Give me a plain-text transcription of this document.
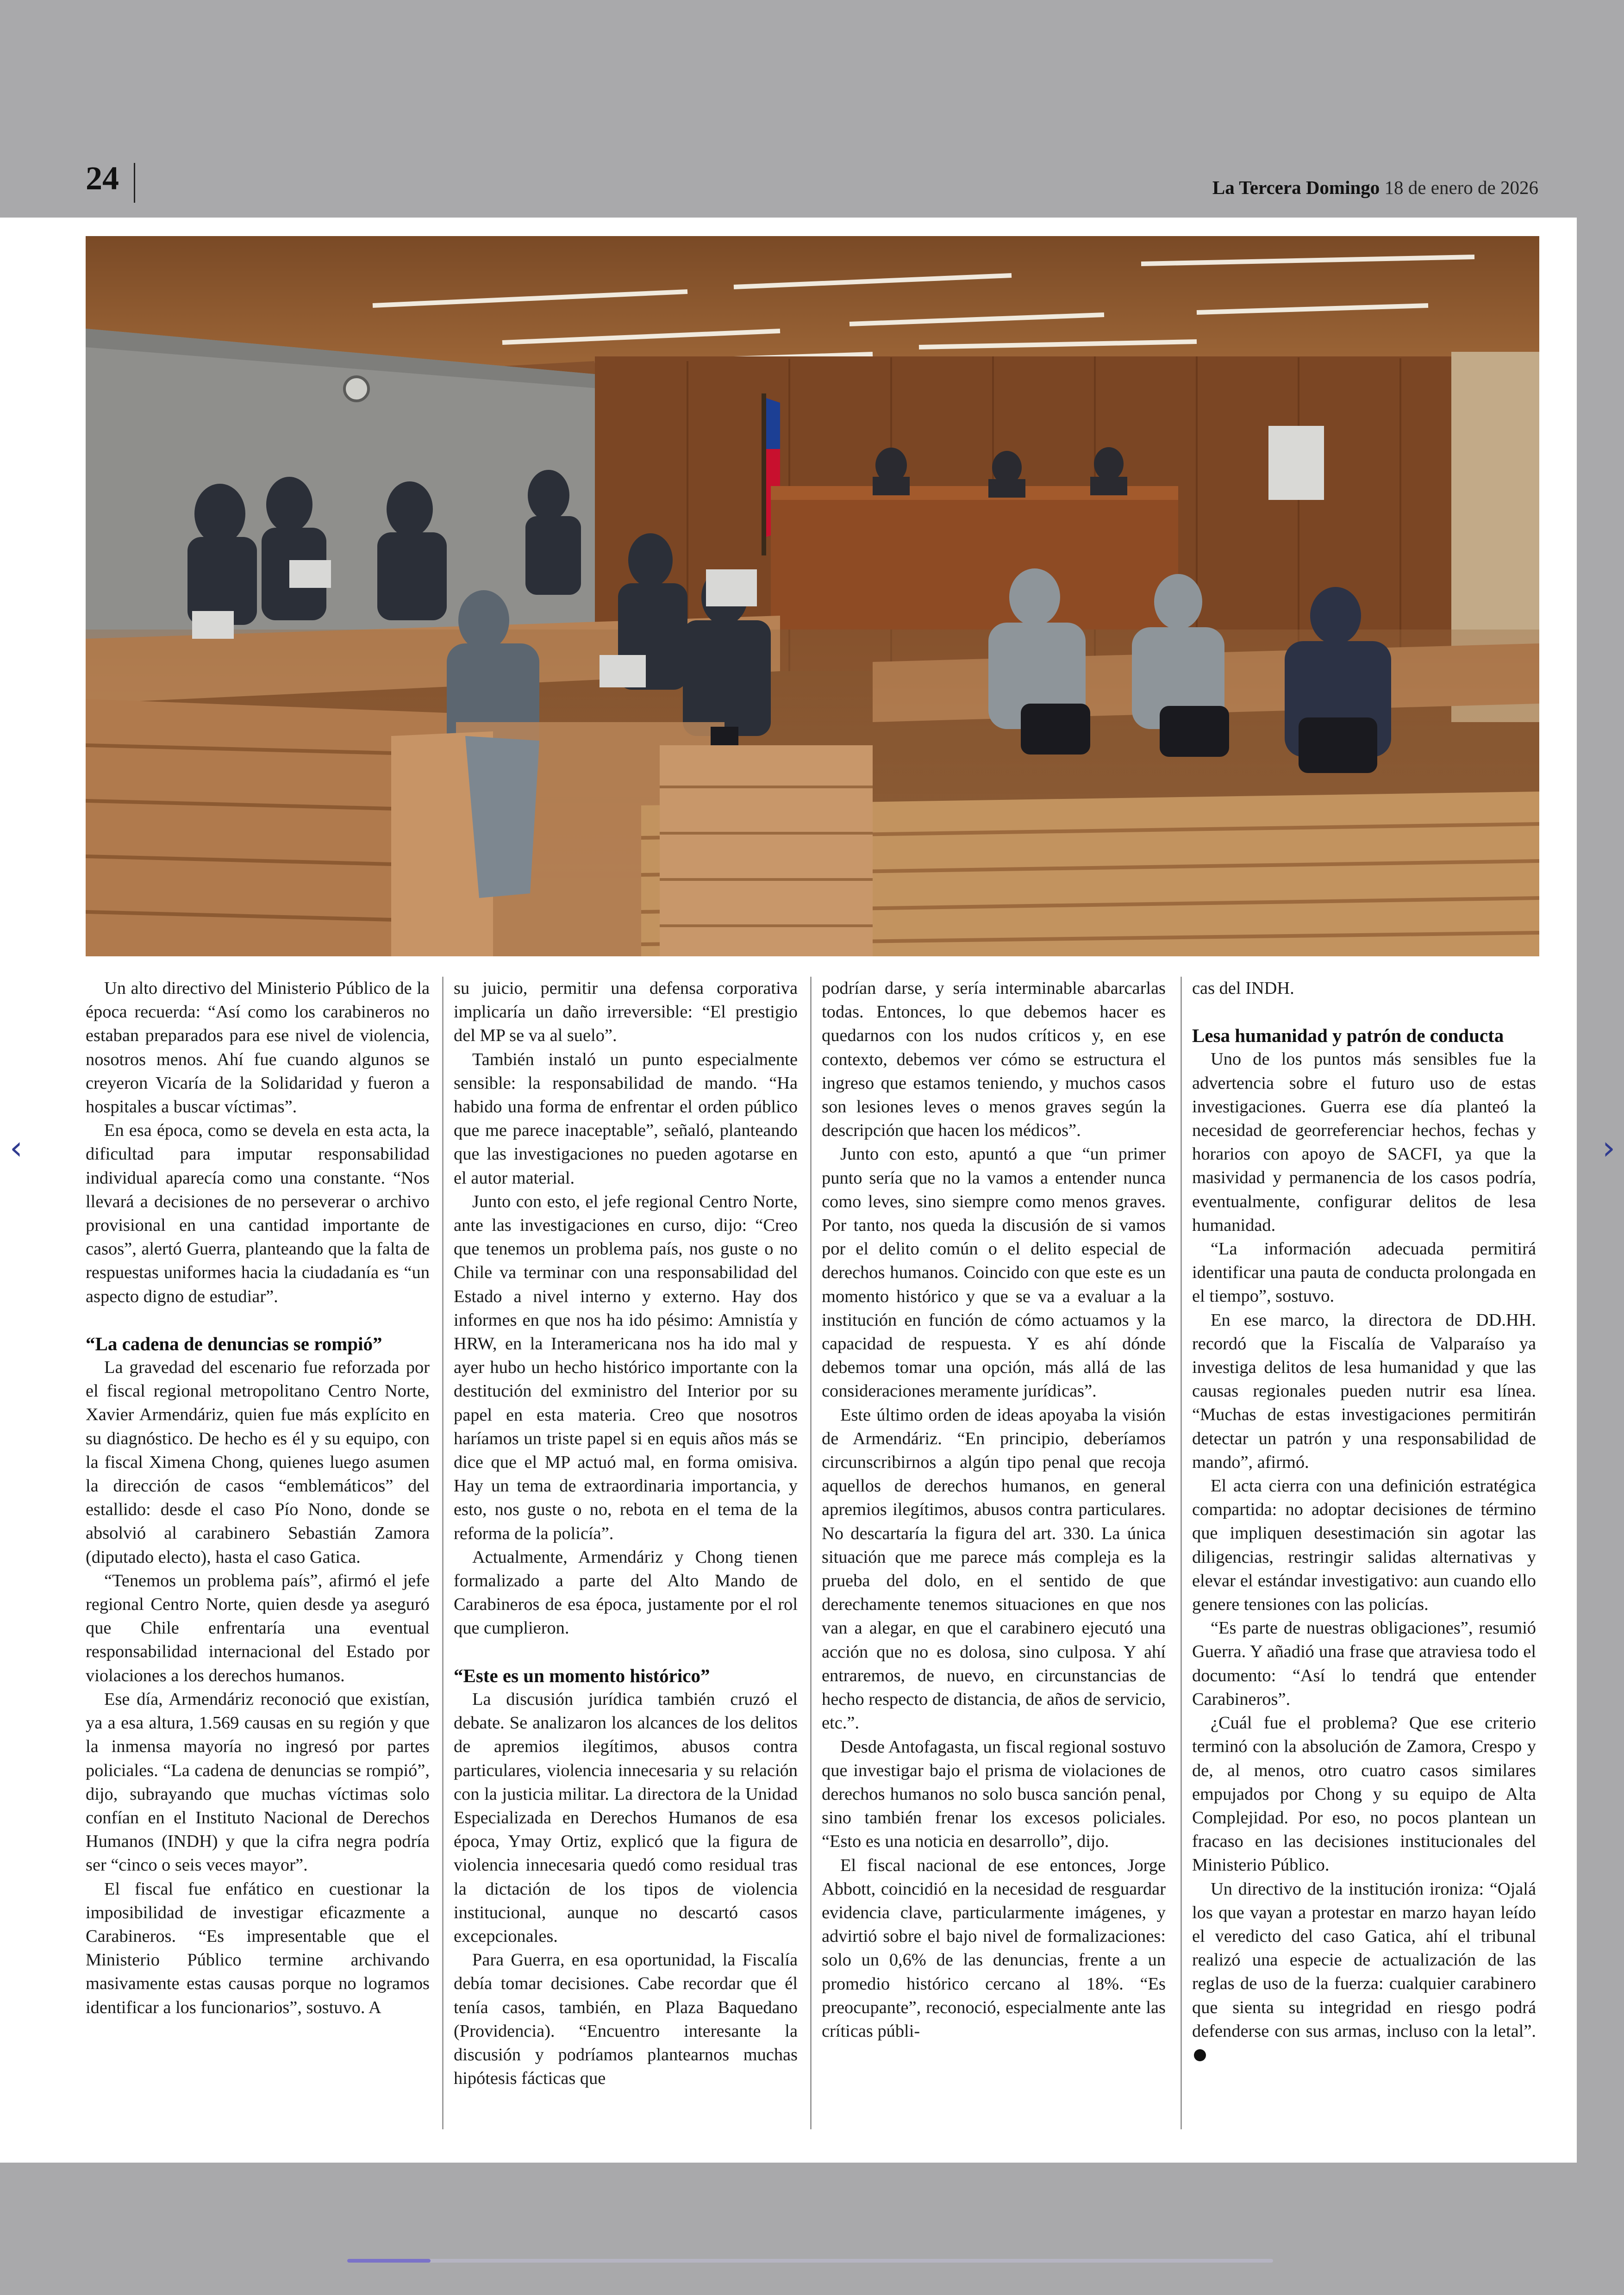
24	La Tercera Domingo 18 de enero de 2026

Un alto directivo del Ministerio Público de la época recuerda: “Así como los carabineros no estaban preparados para ese nivel de violencia, nosotros menos. Ahí fue cuando algunos se creyeron Vicaría de la Solidaridad y fueron a hospitales a buscar víctimas”.

En esa época, como se devela en esta acta, la dificultad para imputar responsabilidad individual aparecía como una constante. “Nos llevará a decisiones de no perseverar o archivo provisional en una cantidad importante de casos”, alertó Guerra, planteando que la falta de respuestas uniformes hacia la ciudadanía es “un aspecto digno de estudiar”.

“La cadena de denuncias se rompió”

La gravedad del escenario fue reforzada por el fiscal regional metropolitano Centro Norte, Xavier Armendáriz, quien fue más explícito en su diagnóstico. De hecho es él y su equipo, con la fiscal Ximena Chong, quienes luego asumen la dirección de casos “emblemáticos” del estallido: desde el caso Pío Nono, donde se absolvió al carabinero Sebastián Zamora (diputado electo), hasta el caso Gatica.

“Tenemos un problema país”, afirmó el jefe regional Centro Norte, quien desde ya aseguró que Chile enfrentaría una eventual responsabilidad internacional del Estado por violaciones a los derechos humanos.

Ese día, Armendáriz reconoció que existían, ya a esa altura, 1.569 causas en su región y que la inmensa mayoría no ingresó por partes policiales. “La cadena de denuncias se rompió”, dijo, subrayando que muchas víctimas solo confían en el Instituto Nacional de Derechos Humanos (INDH) y que la cifra negra podría ser “cinco o seis veces mayor”.

El fiscal fue enfático en cuestionar la imposibilidad de investigar eficazmente a Carabineros. “Es impresentable que el Ministerio Público termine archivando masivamente estas causas porque no logramos identificar a los funcionarios”, sostuvo. A

su juicio, permitir una defensa corporativa implicaría un daño irreversible: “El prestigio del MP se va al suelo”.

También instaló un punto especialmente sensible: la responsabilidad de mando. “Ha habido una forma de enfrentar el orden público que me parece inaceptable”, señaló, planteando que las investigaciones no pueden agotarse en el autor material.

Junto con esto, el jefe regional Centro Norte, ante las investigaciones en curso, dijo: “Creo que tenemos un problema país, nos guste o no Chile va terminar con una responsabilidad del Estado a nivel interno y externo. Hay dos informes en que nos ha ido pésimo: Amnistía y HRW, en la Interamericana nos ha ido mal y ayer hubo un hecho histórico importante con la destitución del exministro del Interior por su papel en esta materia. Creo que nosotros haríamos un triste papel si en equis años más se dice que el MP actuó mal, en forma omisiva. Hay un tema de extraordinaria importancia, y esto, nos guste o no, rebota en el tema de la reforma de la policía”.

Actualmente, Armendáriz y Chong tienen formalizado a parte del Alto Mando de Carabineros de esa época, justamente por el rol que cumplieron.

“Este es un momento histórico”

La discusión jurídica también cruzó el debate. Se analizaron los alcances de los delitos de apremios ilegítimos, abusos contra particulares, violencia innecesaria y su relación con la justicia militar. La directora de la Unidad Especializada en Derechos Humanos de esa época, Ymay Ortiz, explicó que la figura de violencia innecesaria quedó como residual tras la dictación de los tipos de violencia institucional, aunque no descartó casos excepcionales.

Para Guerra, en esa oportunidad, la Fiscalía debía tomar decisiones. Cabe recordar que él tenía casos, también, en Plaza Baquedano (Providencia). “Encuentro interesante la discusión y podríamos plantearnos muchas hipótesis fácticas que

podrían darse, y sería interminable abarcarlas todas. Entonces, lo que debemos hacer es quedarnos con los nudos críticos y, en ese contexto, debemos ver cómo se estructura el ingreso que estamos teniendo, y muchos casos son lesiones leves o menos graves según la descripción que hacen los médicos”.

Junto con esto, apuntó a que “un primer punto sería que no la vamos a entender nunca como leves, sino siempre como menos graves. Por tanto, nos queda la discusión de si vamos por el delito común o el delito especial de derechos humanos. Coincido con que este es un momento histórico y que se va a evaluar a la institución en función de cómo actuamos y la capacidad de respuesta. Y es ahí dónde debemos tomar una opción, más allá de las consideraciones meramente jurídicas”.

Este último orden de ideas apoyaba la visión de Armendáriz. “En principio, deberíamos circunscribirnos a algún tipo penal que recoja aquellos de derechos humanos, en general apremios ilegítimos, abusos contra particulares. No descartaría la figura del art. 330. La única situación que me parece más compleja es la prueba del dolo, en el sentido de que derechamente tenemos situaciones en que nos van a alegar, en que el carabinero ejecutó una acción que no es dolosa, sino culposa. Y ahí entraremos, de nuevo, en circunstancias de hecho respecto de distancia, de años de servicio, etc.”.

Desde Antofagasta, un fiscal regional sostuvo que investigar bajo el prisma de violaciones de derechos humanos no solo busca sanción penal, sino también frenar los excesos policiales. “Esto es una noticia en desarrollo”, dijo.

El fiscal nacional de ese entonces, Jorge Abbott, coincidió en la necesidad de resguardar evidencia clave, particularmente imágenes, y advirtió sobre el bajo nivel de formalizaciones: solo un 0,6% de las denuncias, frente a un promedio histórico cercano al 18%. “Es preocupante”, reconoció, especialmente ante las críticas públi-

cas del INDH.

Lesa humanidad y patrón de conducta

Uno de los puntos más sensibles fue la advertencia sobre el futuro uso de estas investigaciones. Guerra ese día planteó la necesidad de georreferenciar hechos, fechas y horarios con apoyo de SACFI, ya que la masividad y permanencia de los casos podría, eventualmente, configurar delitos de lesa humanidad.

“La información adecuada permitirá identificar una pauta de conducta prolongada en el tiempo”, sostuvo.

En ese marco, la directora de DD.HH. recordó que la Fiscalía de Valparaíso ya investiga delitos de lesa humanidad y que las causas regionales pueden nutrir esa línea. “Muchas de estas investigaciones permitirán detectar un patrón y una responsabilidad de mando”, afirmó.

El acta cierra con una definición estratégica compartida: no adoptar decisiones de término que impliquen desestimación sin agotar las diligencias, restringir salidas alternativas y elevar el estándar investigativo: aun cuando ello genere tensiones con las policías.

“Es parte de nuestras obligaciones”, resumió Guerra. Y añadió una frase que atraviesa todo el documento: “Así lo tendrá que entender Carabineros”.

¿Cuál fue el problema? Que ese criterio terminó con la absolución de Zamora, Crespo y de, al menos, otro cuatro casos similares empujados por Chong y su equipo de Alta Complejidad. Por eso, no pocos plantean un fracaso en las decisiones institucionales del Ministerio Público.

Un directivo de la institución ironiza: “Ojalá los que vayan a protestar en marzo hayan leído el veredicto del caso Gatica, ahí el tribunal realizó una especie de actualización de las reglas de uso de la fuerza: cualquier carabinero que sienta su integridad en riesgo podrá defenderse con sus armas, incluso con la letal”.

‹	›
